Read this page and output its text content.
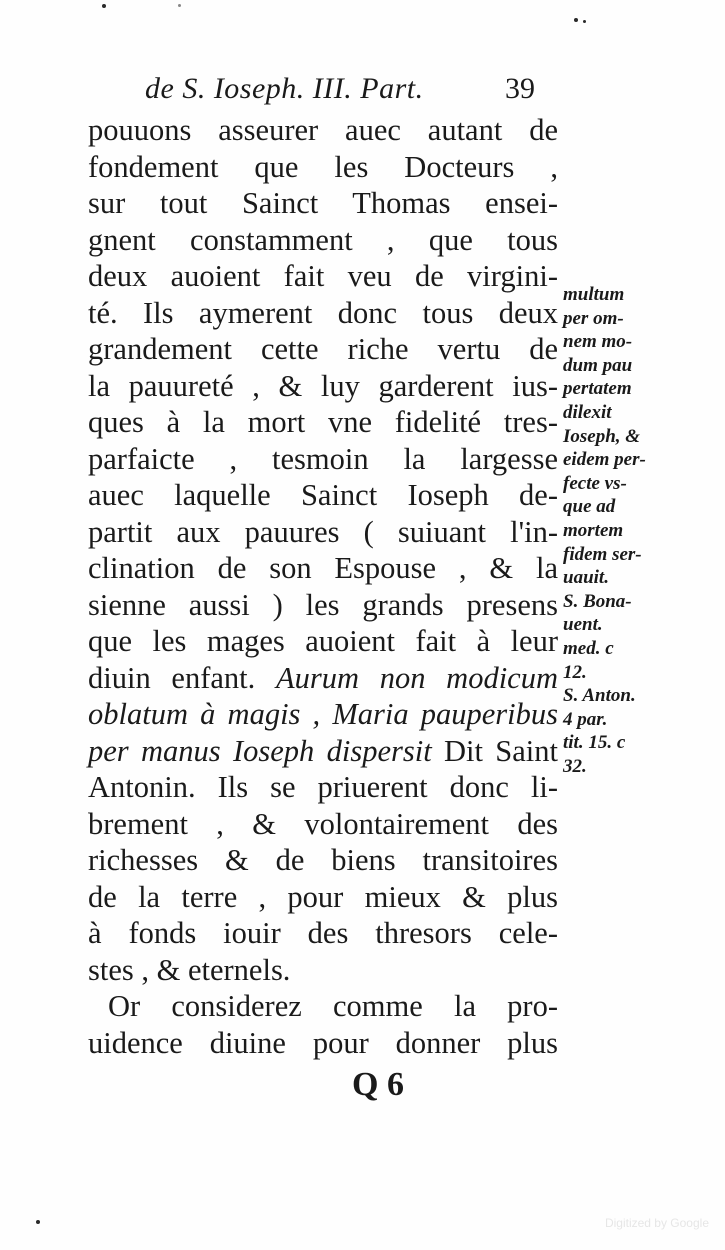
de S. Ioseph. III. Part.	39
pouuons asseurer auec autant de
fondement que les Docteurs ,
sur tout Sainct Thomas ensei-
gnent constamment , que tous
deux auoient fait veu de virgini-
té. Ils aymerent donc tous deux
grandement cette riche vertu de
la pauureté , & luy garderent ius-
ques à la mort vne fidelité tres-
parfaicte , tesmoin la largesse
auec laquelle Sainct Ioseph de-
partit aux pauures ( suiuant l'in-
clination de son Espouse , & la
sienne aussi ) les grands presens
que les mages auoient fait à leur
diuin enfant. Aurum non modicum
oblatum à magis , Maria pauperibus
per manus Ioseph dispersit Dit Saint
Antonin. Ils se priuerent donc li-
brement , & volontairement des
richesses & de biens transitoires
de la terre , pour mieux & plus
à fonds iouir des thresors cele-
stes , & eternels.
Or considerez comme la pro-
uidence diuine pour donner plus
multum
per om-
nem mo-
dum pau
pertatem
dilexit
Ioseph, &
eidem per-
fecte vs-
que ad
mortem
fidem ser-
uauit.
S. Bona-
uent.
med. c
12.
S. Anton.
4 par.
tit. 15. c
32.
Q 6
Digitized by Google
